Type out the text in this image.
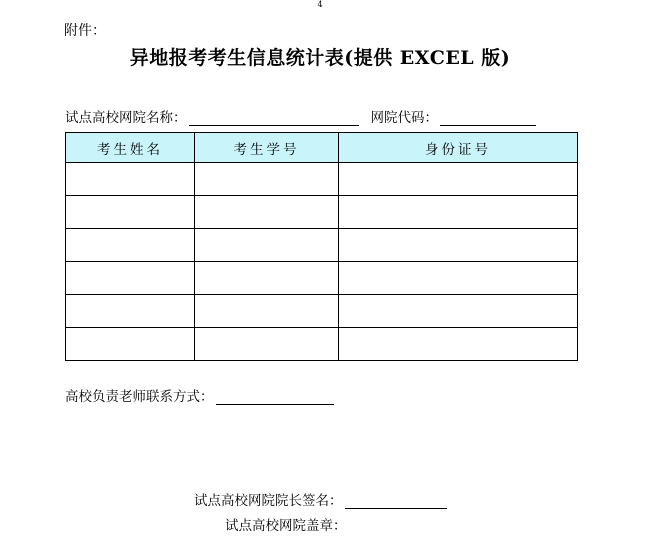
4
附件：
异地报考考生信息统计表(提供 EXCEL 版)
试点高校网院名称：	网院代码：
考生姓名	考生学号	身份证号

高校负责老师联系方式：
试点高校网院院长签名：
试点高校网院盖章：
